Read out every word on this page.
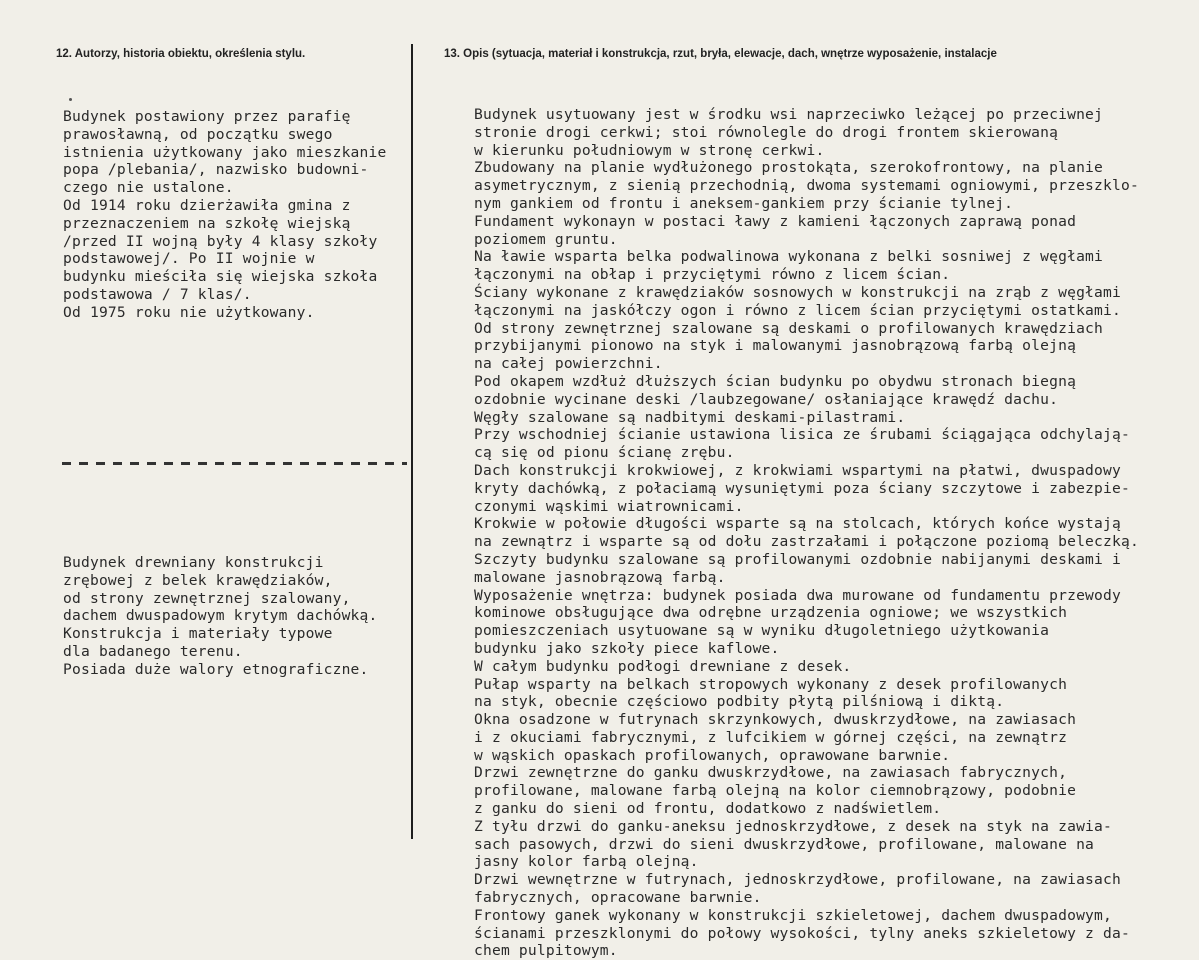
12. Autorzy, historia obiektu, określenia stylu.	13. Opis (sytuacja, materiał i konstrukcja, rzut, bryła, elewacje, dach, wnętrze wyposażenie, instalacje
Budynek postawiony przez parafię
prawosławną, od początku swego
istnienia użytkowany jako mieszkanie
popa /plebania/, nazwisko budowni-
czego nie ustalone.
Od 1914 roku dzierżawiła gmina z
przeznaczeniem na szkołę wiejską
/przed II wojną były 4 klasy szkoły
podstawowej/. Po II wojnie w
budynku mieściła się wiejska szkoła
podstawowa / 7 klas/.
Od 1975 roku nie użytkowany.
Budynek drewniany konstrukcji
zrębowej z belek krawędziaków,
od strony zewnętrznej szalowany,
dachem dwuspadowym krytym dachówką.
Konstrukcja i materiały typowe
dla badanego terenu.
Posiada duże walory etnograficzne.
Budynek usytuowany jest w środku wsi naprzeciwko leżącej po przeciwnej
stronie drogi cerkwi; stoi równolegle do drogi frontem skierowaną
w kierunku południowym w stronę cerkwi.
Zbudowany na planie wydłużonego prostokąta, szerokofrontowy, na planie
asymetrycznym, z sienią przechodnią, dwoma systemami ogniowymi, przeszklo-
nym gankiem od frontu i aneksem-gankiem przy ścianie tylnej.
Fundament wykonayn w postaci ławy z kamieni łączonych zaprawą ponad
poziomem gruntu.
Na ławie wsparta belka podwalinowa wykonana z belki sosniwej z węgłami
łączonymi na obłap i przyciętymi równo z licem ścian.
Ściany wykonane z krawędziaków sosnowych w konstrukcji na zrąb z węgłami
łączonymi na jaskółczy ogon i równo z licem ścian przyciętymi ostatkami.
Od strony zewnętrznej szalowane są deskami o profilowanych krawędziach
przybijanymi pionowo na styk i malowanymi jasnobrązową farbą olejną
na całej powierzchni.
Pod okapem wzdłuż dłuższych ścian budynku po obydwu stronach biegną
ozdobnie wycinane deski /laubzegowane/ osłaniające krawędź dachu.
Węgły szalowane są nadbitymi deskami-pilastrami.
Przy wschodniej ścianie ustawiona lisica ze śrubami ściągająca odchylają-
cą się od pionu ścianę zrębu.
Dach konstrukcji krokwiowej, z krokwiami wspartymi na płatwi, dwuspadowy
kryty dachówką, z połaciamą wysuniętymi poza ściany szczytowe i zabezpie-
czonymi wąskimi wiatrownicami.
Krokwie w połowie długości wsparte są na stolcach, których końce wystają
na zewnątrz i wsparte są od dołu zastrzałami i połączone poziomą beleczką.
Szczyty budynku szalowane są profilowanymi ozdobnie nabijanymi deskami i
malowane jasnobrązową farbą.
Wyposażenie wnętrza: budynek posiada dwa murowane od fundamentu przewody
kominowe obsługujące dwa odrębne urządzenia ogniowe; we wszystkich
pomieszczeniach usytuowane są w wyniku długoletniego użytkowania
budynku jako szkoły piece kaflowe.
W całym budynku podłogi drewniane z desek.
Pułap wsparty na belkach stropowych wykonany z desek profilowanych
na styk, obecnie częściowo podbity płytą pilśniową i diktą.
Okna osadzone w futrynach skrzynkowych, dwuskrzydłowe, na zawiasach
i z okuciami fabrycznymi, z lufcikiem w górnej części, na zewnątrz
w wąskich opaskach profilowanych, oprawowane barwnie.
Drzwi zewnętrzne do ganku dwuskrzydłowe, na zawiasach fabrycznych,
profilowane, malowane farbą olejną na kolor ciemnobrązowy, podobnie
z ganku do sieni od frontu, dodatkowo z nadświetlem.
Z tyłu drzwi do ganku-aneksu jednoskrzydłowe, z desek na styk na zawia-
sach pasowych, drzwi do sieni dwuskrzydłowe, profilowane, malowane na
jasny kolor farbą olejną.
Drzwi wewnętrzne w futrynach, jednoskrzydłowe, profilowane, na zawiasach
fabrycznych, opracowane barwnie.
Frontowy ganek wykonany w konstrukcji szkieletowej, dachem dwuspadowym,
ścianami przeszklonymi do połowy wysokości, tylny aneks szkieletowy z da-
chem pulpitowym.
